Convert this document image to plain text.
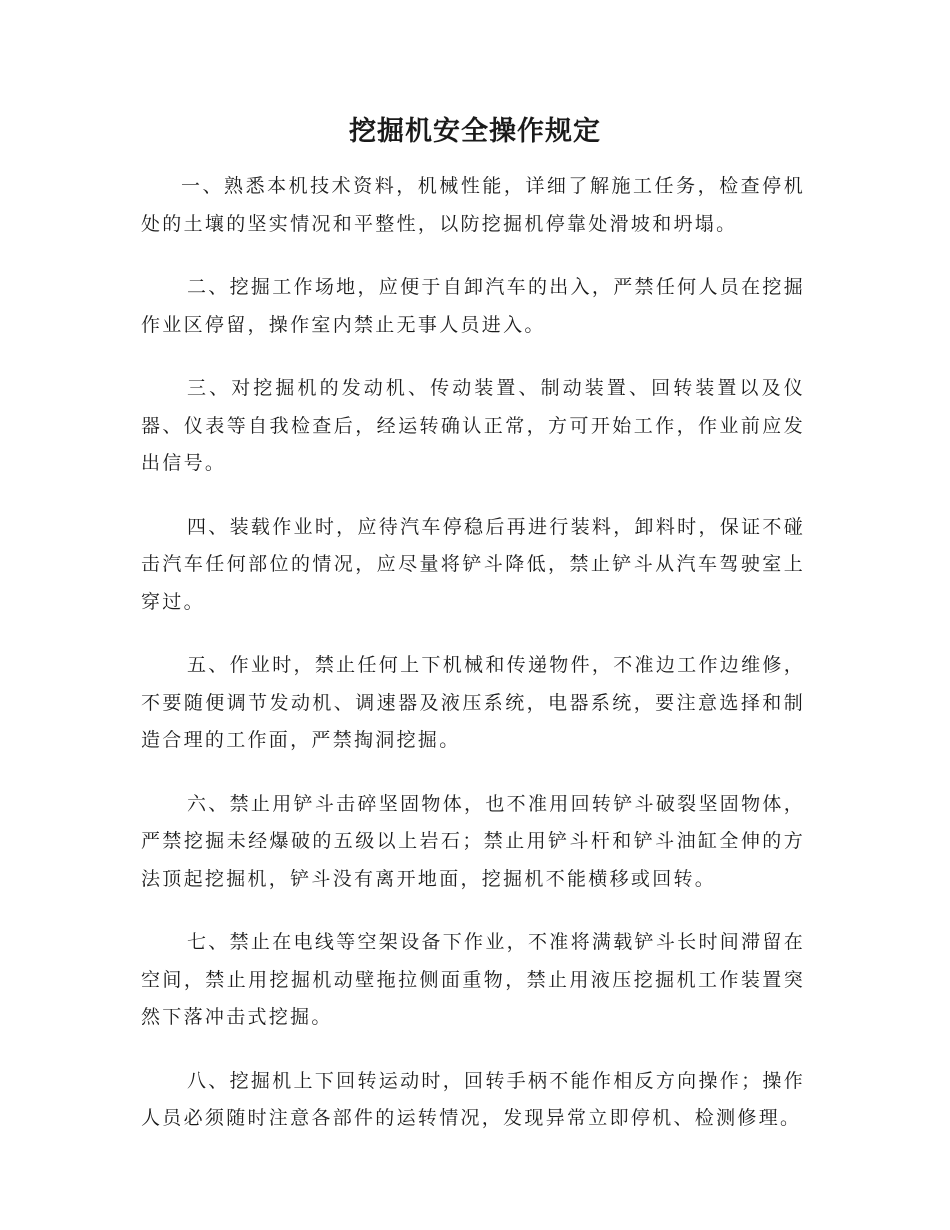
挖掘机安全操作规定

一、熟悉本机技术资料，机械性能，详细了解施工任务，检查停机处的土壤的坚实情况和平整性，以防挖掘机停靠处滑坡和坍塌。

二、挖掘工作场地，应便于自卸汽车的出入，严禁任何人员在挖掘作业区停留，操作室内禁止无事人员进入。

三、对挖掘机的发动机、传动装置、制动装置、回转装置以及仪器、仪表等自我检查后，经运转确认正常，方可开始工作，作业前应发出信号。

四、装载作业时，应待汽车停稳后再进行装料，卸料时，保证不碰击汽车任何部位的情况，应尽量将铲斗降低，禁止铲斗从汽车驾驶室上穿过。

五、作业时，禁止任何上下机械和传递物件，不准边工作边维修，不要随便调节发动机、调速器及液压系统，电器系统，要注意选择和制造合理的工作面，严禁掏洞挖掘。

六、禁止用铲斗击碎坚固物体，也不准用回转铲斗破裂坚固物体，严禁挖掘未经爆破的五级以上岩石；禁止用铲斗杆和铲斗油缸全伸的方法顶起挖掘机，铲斗没有离开地面，挖掘机不能横移或回转。

七、禁止在电线等空架设备下作业，不准将满载铲斗长时间滞留在空间，禁止用挖掘机动壁拖拉侧面重物，禁止用液压挖掘机工作装置突然下落冲击式挖掘。

八、挖掘机上下回转运动时，回转手柄不能作相反方向操作；操作人员必须随时注意各部件的运转情况，发现异常立即停机、检测修理。
